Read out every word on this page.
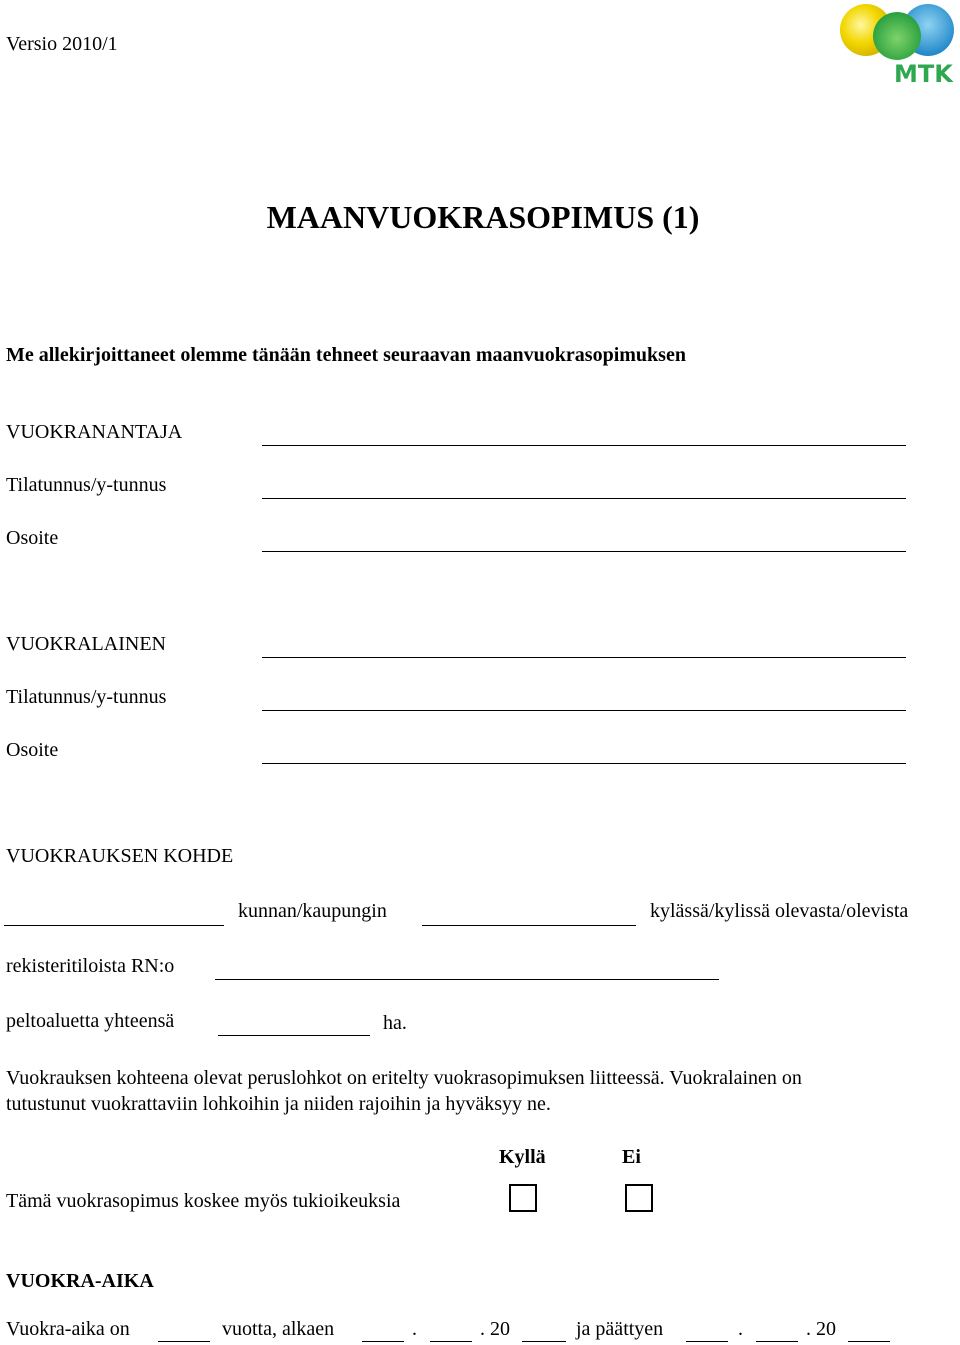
Versio 2010/1
MTK
MAANVUOKRASOPIMUS (1)
Me allekirjoittaneet olemme tänään tehneet seuraavan maanvuokrasopimuksen
VUOKRANANTAJA
Tilatunnus/y-tunnus
Osoite
VUOKRALAINEN
Tilatunnus/y-tunnus
Osoite
VUOKRAUKSEN KOHDE
kunnan/kaupungin	kylässä/kylissä olevasta/olevista
rekisteritiloista RN:o
peltoaluetta yhteensä	ha.
Vuokrauksen kohteena olevat peruslohkot on eritelty vuokrasopimuksen liitteessä. Vuokralainen on
tutustunut vuokrattaviin lohkoihin ja niiden rajoihin ja hyväksyy ne.
Kyllä	Ei
Tämä vuokrasopimus koskee myös tukioikeuksia
VUOKRA-AIKA
Vuokra-aika on	vuotta, alkaen	.	. 20	ja päättyen	.	. 20
